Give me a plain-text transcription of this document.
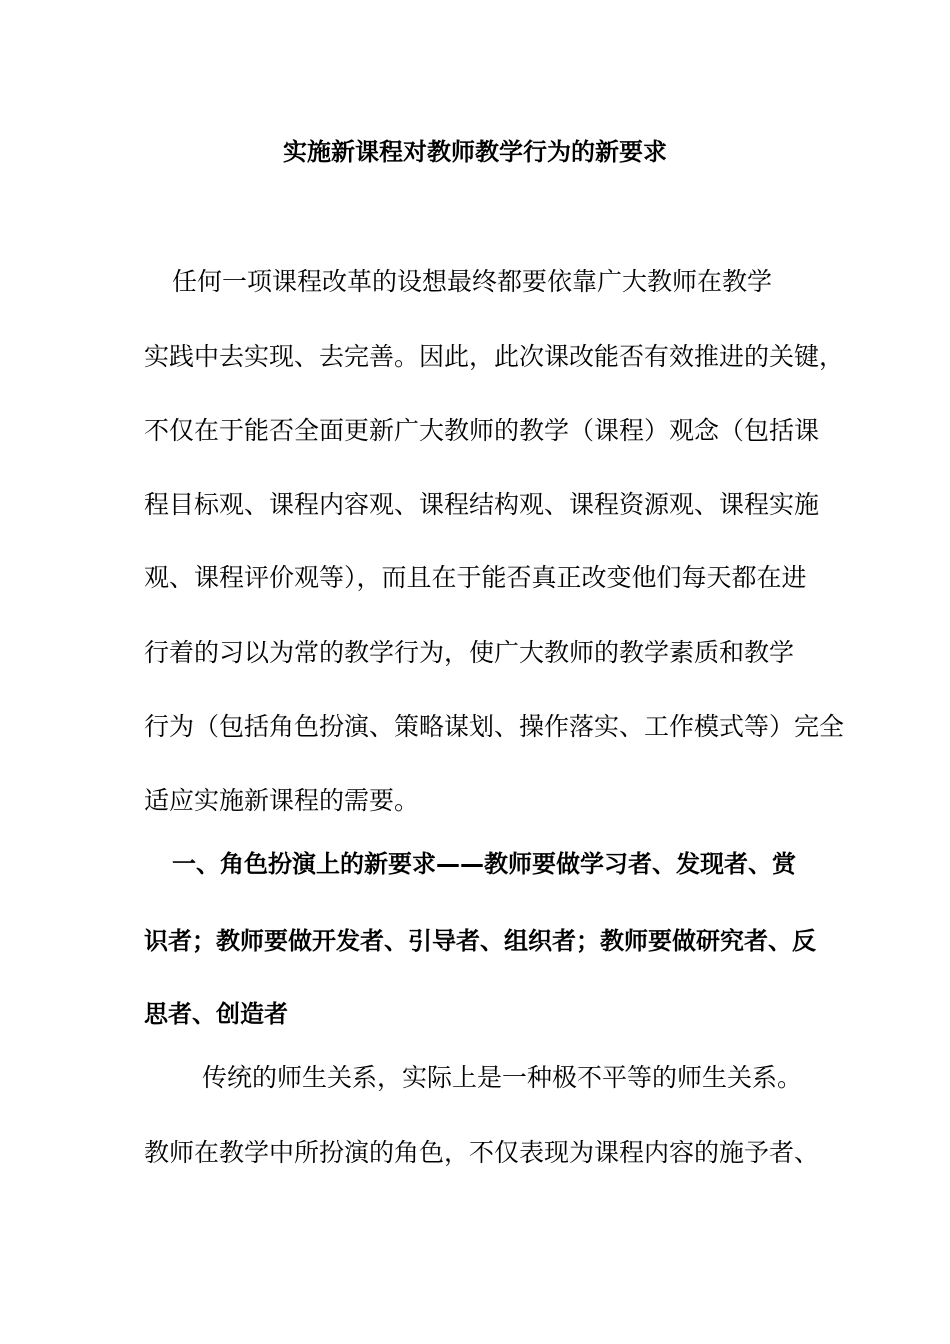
实施新课程对教师教学行为的新要求
任何一项课程改革的设想最终都要依靠广大教师在教学
实践中去实现、去完善。因此，此次课改能否有效推进的关键，
不仅在于能否全面更新广大教师的教学（课程）观念（包括课
程目标观、课程内容观、课程结构观、课程资源观、课程实施
观、课程评价观等），而且在于能否真正改变他们每天都在进
行着的习以为常的教学行为，使广大教师的教学素质和教学
行为（包括角色扮演、策略谋划、操作落实、工作模式等）完全
适应实施新课程的需要。
一、角色扮演上的新要求——教师要做学习者、发现者、赏
识者；教师要做开发者、引导者、组织者；教师要做研究者、反
思者、创造者
传统的师生关系，实际上是一种极不平等的师生关系。
教师在教学中所扮演的角色，不仅表现为课程内容的施予者、
